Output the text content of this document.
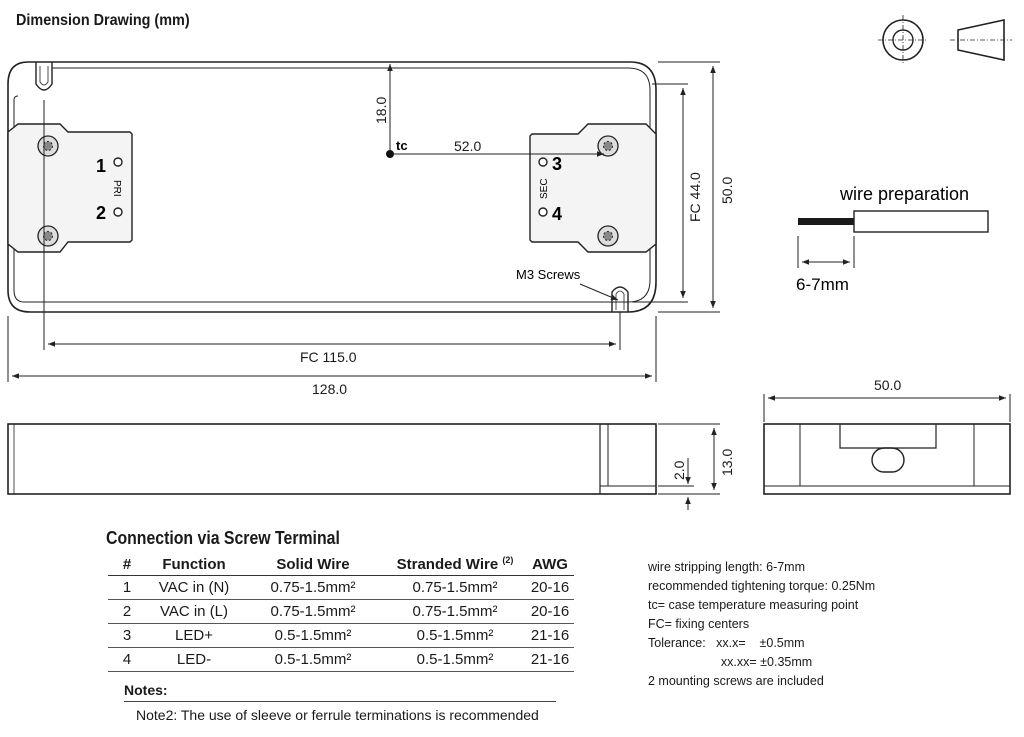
Dimension Drawing (mm)
1
2
3
4
PRI	SEC
tc
18.0
52.0
M3 Screws
FC 44.0 50.0
FC 115.0
128.0
2.0 13.0
50.0
wire preparation
6-7mm
Connection via Screw Terminal
#	Function	Solid Wire	Stranded Wire $^{(2)}$	AWG
1	VAC in (N)	0.75-1.5mm²	0.75-1.5mm²	20-16
2	VAC in (L)	0.75-1.5mm²	0.75-1.5mm²	20-16
3	LED+	0.5-1.5mm²	0.5-1.5mm²	21-16
4	LED-	0.5-1.5mm²	0.5-1.5mm²	21-16
Notes:
Note2: The use of sleeve or ferrule terminations is recommended
wire stripping length: 6-7mm
recommended tightening torque: 0.25Nm
tc= case temperature measuring point
FC= fixing centers
Tolerance:   xx.x=    ±0.5mm
xx.xx= ±0.35mm
2 mounting screws are included
